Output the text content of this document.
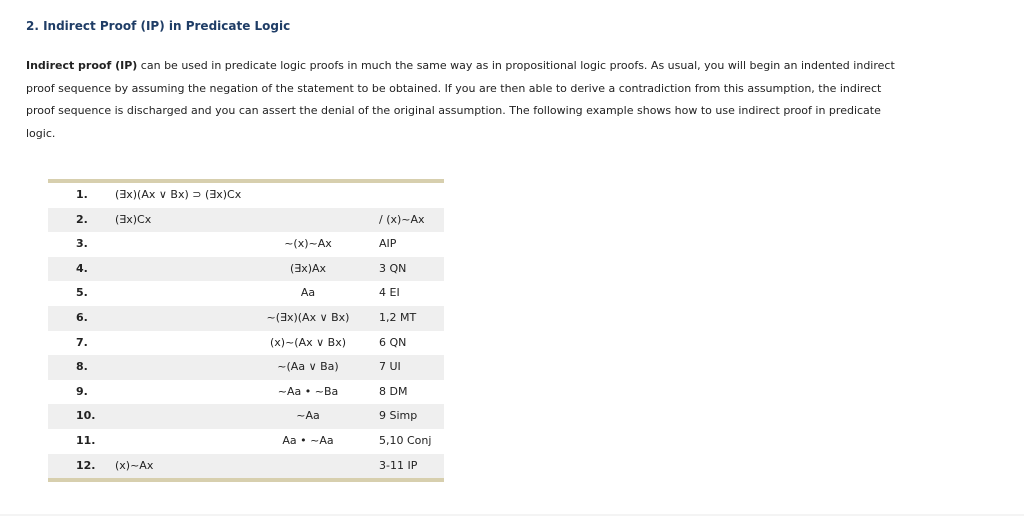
2. Indirect Proof (IP) in Predicate Logic

Indirect proof (IP) can be used in predicate logic proofs in much the same way as in propositional logic proofs. As usual, you will begin an indented indirect proof sequence by assuming the negation of the statement to be obtained. If you are then able to derive a contradiction from this assumption, the indirect proof sequence is discharged and you can assert the denial of the original assumption. The following example shows how to use indirect proof in predicate logic.

1. (∃x)(Ax ∨ Bx) ⊃ (∃x)Cx
2. (∃x)Cx	/ (x)~Ax
3.	~(x)~Ax	AIP
4.	(∃x)Ax	3 QN
5.	Aa	4 EI
6.	~(∃x)(Ax ∨ Bx)	1,2 MT
7.	(x)~(Ax ∨ Bx)	6 QN
8.	~(Aa ∨ Ba)	7 UI
9.	~Aa • ~Ba	8 DM
10.	~Aa	9 Simp
11.	Aa • ~Aa	5,10 Conj
12. (x)~Ax	3-11 IP
